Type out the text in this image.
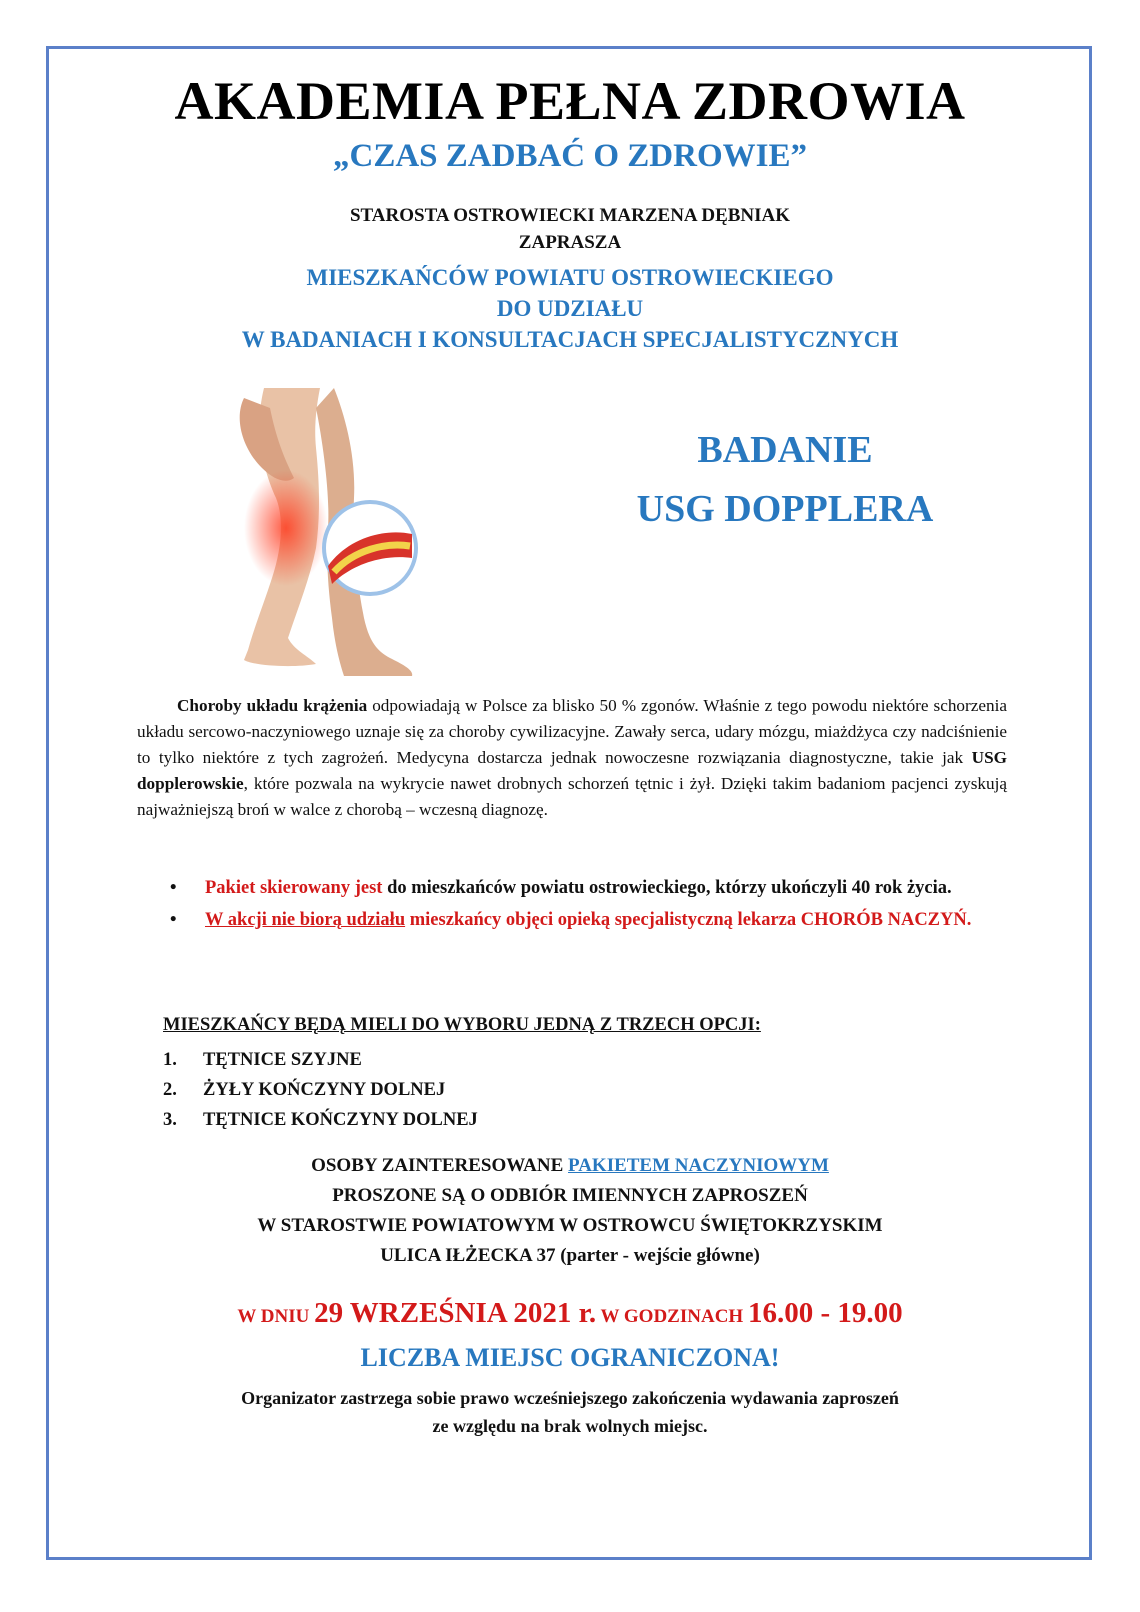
AKADEMIA PEŁNA ZDROWIA
„CZAS ZADBAĆ O ZDROWIE”
STAROSTA OSTROWIECKI MARZENA DĘBNIAK
ZAPRASZA
MIESZKAŃCÓW POWIATU OSTROWIECKIEGO
DO UDZIAŁU
W BADANIACH I KONSULTACJACH SPECJALISTYCZNYCH
BADANIE
USG DOPPLERA

Choroby układu krążenia odpowiadają w Polsce za blisko 50 % zgonów. Właśnie z tego powodu niektóre schorzenia układu sercowo-naczyniowego uznaje się za choroby cywilizacyjne. Zawały serca, udary mózgu, miażdżyca czy nadciśnienie to tylko niektóre z tych zagrożeń. Medycyna dostarcza jednak nowoczesne rozwiązania diagnostyczne, takie jak USG dopplerowskie, które pozwala na wykrycie nawet drobnych schorzeń tętnic i żył. Dzięki takim badaniom pacjenci zyskują najważniejszą broń w walce z chorobą – wczesną diagnozę.

• Pakiet skierowany jest do mieszkańców powiatu ostrowieckiego, którzy ukończyli 40 rok życia.
• W akcji nie biorą udziału mieszkańcy objęci opieką specjalistyczną lekarza CHORÓB NACZYŃ.
MIESZKAŃCY BĘDĄ MIELI DO WYBORU JEDNĄ Z TRZECH OPCJI:
1.	TĘTNICE SZYJNE
2.	ŻYŁY KOŃCZYNY DOLNEJ
3.	TĘTNICE KOŃCZYNY DOLNEJ
OSOBY ZAINTERESOWANE PAKIETEM NACZYNIOWYM
PROSZONE SĄ O ODBIÓR IMIENNYCH ZAPROSZEŃ
W STAROSTWIE POWIATOWYM W OSTROWCU ŚWIĘTOKRZYSKIM
ULICA IŁŻECKA 37 (parter - wejście główne)
W DNIU 29 WRZEŚNIA 2021 r. W GODZINACH 16.00 - 19.00
LICZBA MIEJSC OGRANICZONA!
Organizator zastrzega sobie prawo wcześniejszego zakończenia wydawania zaproszeń
ze względu na brak wolnych miejsc.
